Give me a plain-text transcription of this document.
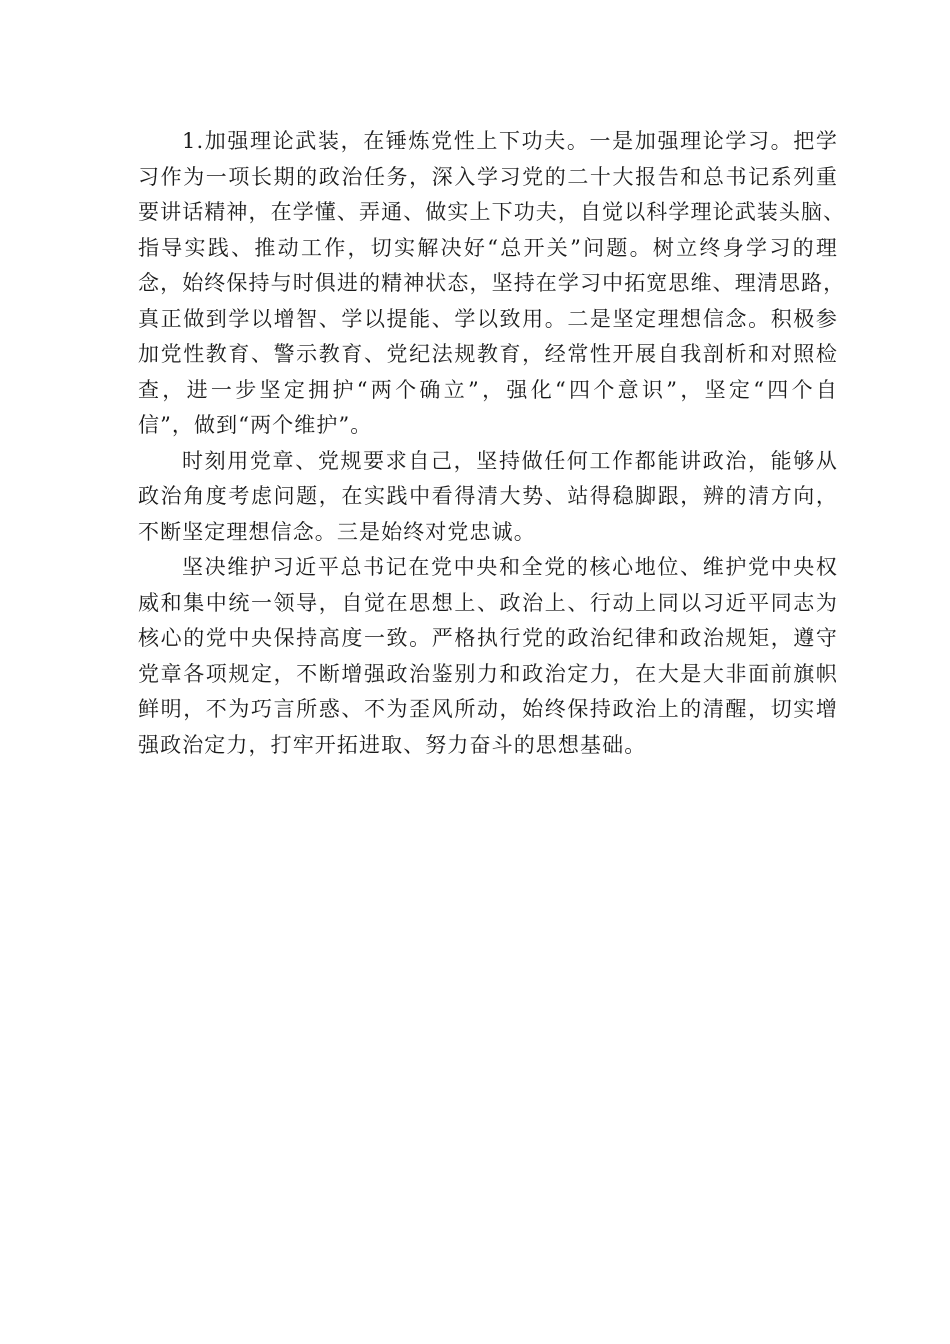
1.加强理论武装，在锤炼党性上下功夫。一是加强理论学习。把学
习作为一项长期的政治任务，深入学习党的二十大报告和总书记系列重
要讲话精神，在学懂、弄通、做实上下功夫，自觉以科学理论武装头脑、
指导实践、推动工作，切实解决好“总开关”问题。树立终身学习的理
念，始终保持与时俱进的精神状态，坚持在学习中拓宽思维、理清思路，
真正做到学以增智、学以提能、学以致用。二是坚定理想信念。积极参
加党性教育、警示教育、党纪法规教育，经常性开展自我剖析和对照检
查，进一步坚定拥护“两个确立”，强化“四个意识”，坚定“四个自
信”，做到“两个维护”。
时刻用党章、党规要求自己，坚持做任何工作都能讲政治，能够从
政治角度考虑问题，在实践中看得清大势、站得稳脚跟，辨的清方向，
不断坚定理想信念。三是始终对党忠诚。
坚决维护习近平总书记在党中央和全党的核心地位、维护党中央权
威和集中统一领导，自觉在思想上、政治上、行动上同以习近平同志为
核心的党中央保持高度一致。严格执行党的政治纪律和政治规矩，遵守
党章各项规定，不断增强政治鉴别力和政治定力，在大是大非面前旗帜
鲜明，不为巧言所惑、不为歪风所动，始终保持政治上的清醒，切实增
强政治定力，打牢开拓进取、努力奋斗的思想基础。
